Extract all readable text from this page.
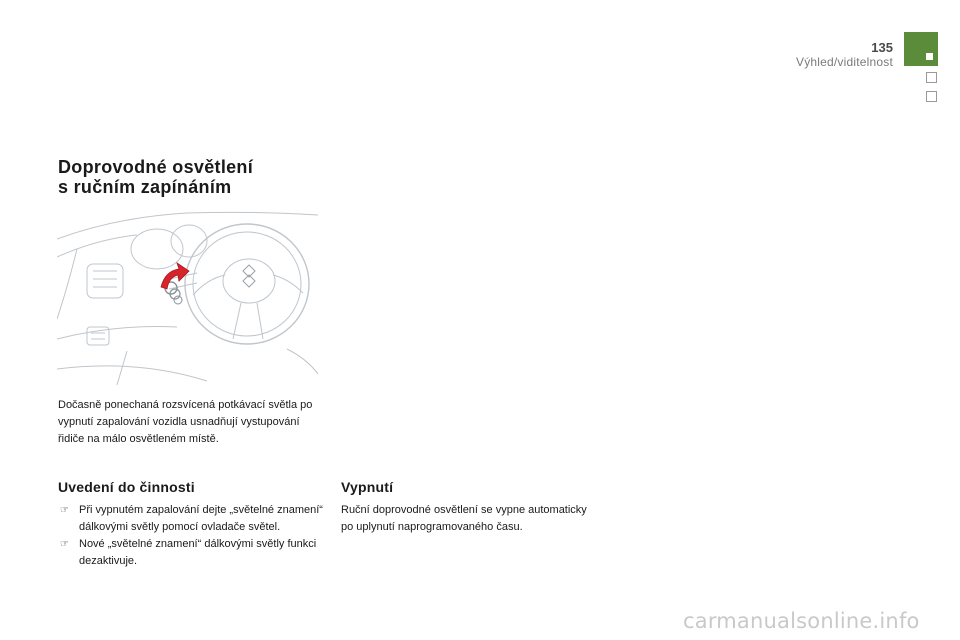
135
Výhled/viditelnost
Doprovodné osvětlení
s ručním zapínáním

Dočasně ponechaná rozsvícená potkávací světla po vypnutí zapalování vozidla usnadňují vystupování řidiče na málo osvětleném místě.

Uvedení do činnosti
☞ Při vypnutém zapalování dejte „světelné znamení“ dálkovými světly pomocí ovladače světel.
☞ Nové „světelné znamení“ dálkovými světly funkci dezaktivuje.
Vypnutí

Ruční doprovodné osvětlení se vypne automaticky po uplynutí naprogramovaného času.

carmanualsonline.info
